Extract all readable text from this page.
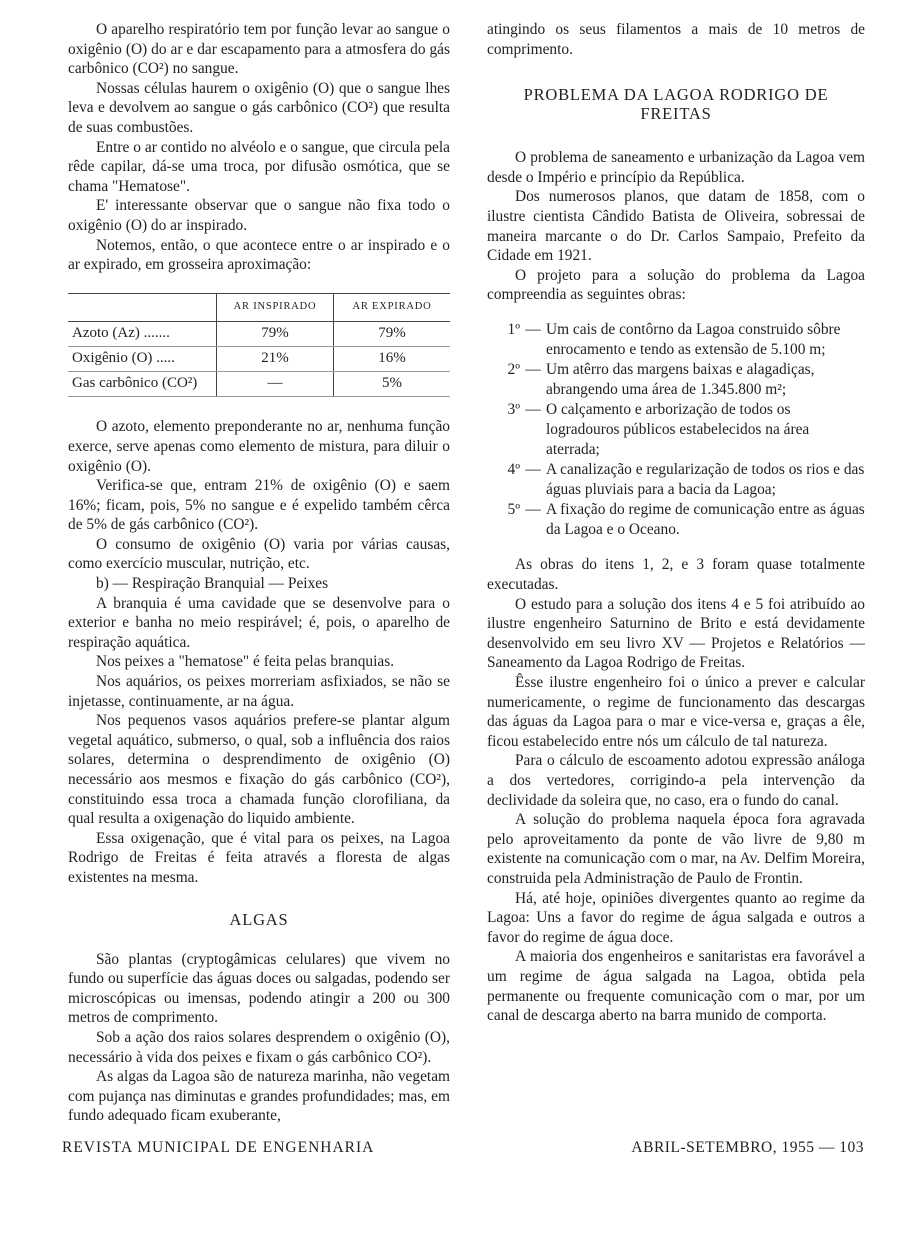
O aparelho respiratório tem por função levar ao sangue o oxigênio (O) do ar e dar escapamento para a atmosfera do gás carbônico (CO²) no sangue.

Nossas células haurem o oxigênio (O) que o sangue lhes leva e devolvem ao sangue o gás carbônico (CO²) que resulta de suas combustões.

Entre o ar contido no alvéolo e o sangue, que circula pela rêde capilar, dá-se uma troca, por difusão osmótica, que se chama "Hematose".

E' interessante observar que o sangue não fixa todo o oxigênio (O) do ar inspirado.

Notemos, então, o que acontece entre o ar inspirado e o ar expirado, em grosseira aproximação:

	AR INSPIRADO	AR EXPIRADO
Azoto (Az) .......	79%	79%
Oxigênio (O) .....	21%	16%
Gas carbônico (CO²)	—	5%

O azoto, elemento preponderante no ar, nenhuma função exerce, serve apenas como elemento de mistura, para diluir o oxigênio (O).

Verifica-se que, entram 21% de oxigênio (O) e saem 16%; ficam, pois, 5% no sangue e é expelido também cêrca de 5% de gás carbônico (CO²).

O consumo de oxigênio (O) varia por várias causas, como exercício muscular, nutrição, etc.

b) — Respiração Branquial — Peixes

A branquia é uma cavidade que se desenvolve para o exterior e banha no meio respirável; é, pois, o aparelho de respiração aquática.

Nos peixes a "hematose" é feita pelas branquias.

Nos aquários, os peixes morreriam asfixiados, se não se injetasse, continuamente, ar na água.

Nos pequenos vasos aquários prefere-se plantar algum vegetal aquático, submerso, o qual, sob a influência dos raios solares, determina o desprendimento de oxigênio (O) necessário aos mesmos e fixação do gás carbônico (CO²), constituindo essa troca a chamada função clorofiliana, da qual resulta a oxigenação do liquido ambiente.

Essa oxigenação, que é vital para os peixes, na Lagoa Rodrigo de Freitas é feita através a floresta de algas existentes na mesma.

ALGAS

São plantas (cryptogâmicas celulares) que vivem no fundo ou superfície das águas doces ou salgadas, podendo ser microscópicas ou imensas, podendo atingir a 200 ou 300 metros de comprimento.

Sob a ação dos raios solares desprendem o oxigênio (O), necessário à vida dos peixes e fixam o gás carbônico CO²).

As algas da Lagoa são de natureza marinha, não vegetam com pujança nas diminutas e grandes profundidades; mas, em fundo adequado ficam exuberante,

atingindo os seus filamentos a mais de 10 metros de comprimento.

PROBLEMA DA LAGOA RODRIGO DE FREITAS

O problema de saneamento e urbanização da Lagoa vem desde o Império e princípio da República.

Dos numerosos planos, que datam de 1858, com o ilustre cientista Cândido Batista de Oliveira, sobressai de maneira marcante o do Dr. Carlos Sampaio, Prefeito da Cidade em 1921.

O projeto para a solução do problema da Lagoa compreendia as seguintes obras:

1º — Um cais de contôrno da Lagoa construido sôbre enrocamento e tendo as extensão de 5.100 m;
2º — Um atêrro das margens baixas e alagadiças, abrangendo uma área de 1.345.800 m²;
3º — O calçamento e arborização de todos os logradouros públicos estabelecidos na área aterrada;
4º — A canalização e regularização de todos os rios e das águas pluviais para a bacia da Lagoa;
5º — A fixação do regime de comunicação entre as águas da Lagoa e o Oceano.

As obras do itens 1, 2, e 3 foram quase totalmente executadas.

O estudo para a solução dos itens 4 e 5 foi atribuído ao ilustre engenheiro Saturnino de Brito e está devidamente desenvolvido em seu livro XV — Projetos e Relatórios — Saneamento da Lagoa Rodrigo de Freitas.

Êsse ilustre engenheiro foi o único a prever e calcular numericamente, o regime de funcionamento das descargas das águas da Lagoa para o mar e vice-versa e, graças a êle, ficou estabelecido entre nós um cálculo de tal natureza.

Para o cálculo de escoamento adotou expressão análoga a dos vertedores, corrigindo-a pela intervenção da declividade da soleira que, no caso, era o fundo do canal.

A solução do problema naquela época fora agravada pelo aproveitamento da ponte de vão livre de 9,80 m existente na comunicação com o mar, na Av. Delfim Moreira, construida pela Administração de Paulo de Frontin.

Há, até hoje, opiniões divergentes quanto ao regime da Lagoa: Uns a favor do regime de água salgada e outros a favor do regime de água doce.

A maioria dos engenheiros e sanitaristas era favorável a um regime de água salgada na Lagoa, obtida pela permanente ou frequente comunicação com o mar, por um canal de descarga aberto na barra munido de comporta.

REVISTA MUNICIPAL DE ENGENHARIA	ABRIL-SETEMBRO, 1955 — 103
